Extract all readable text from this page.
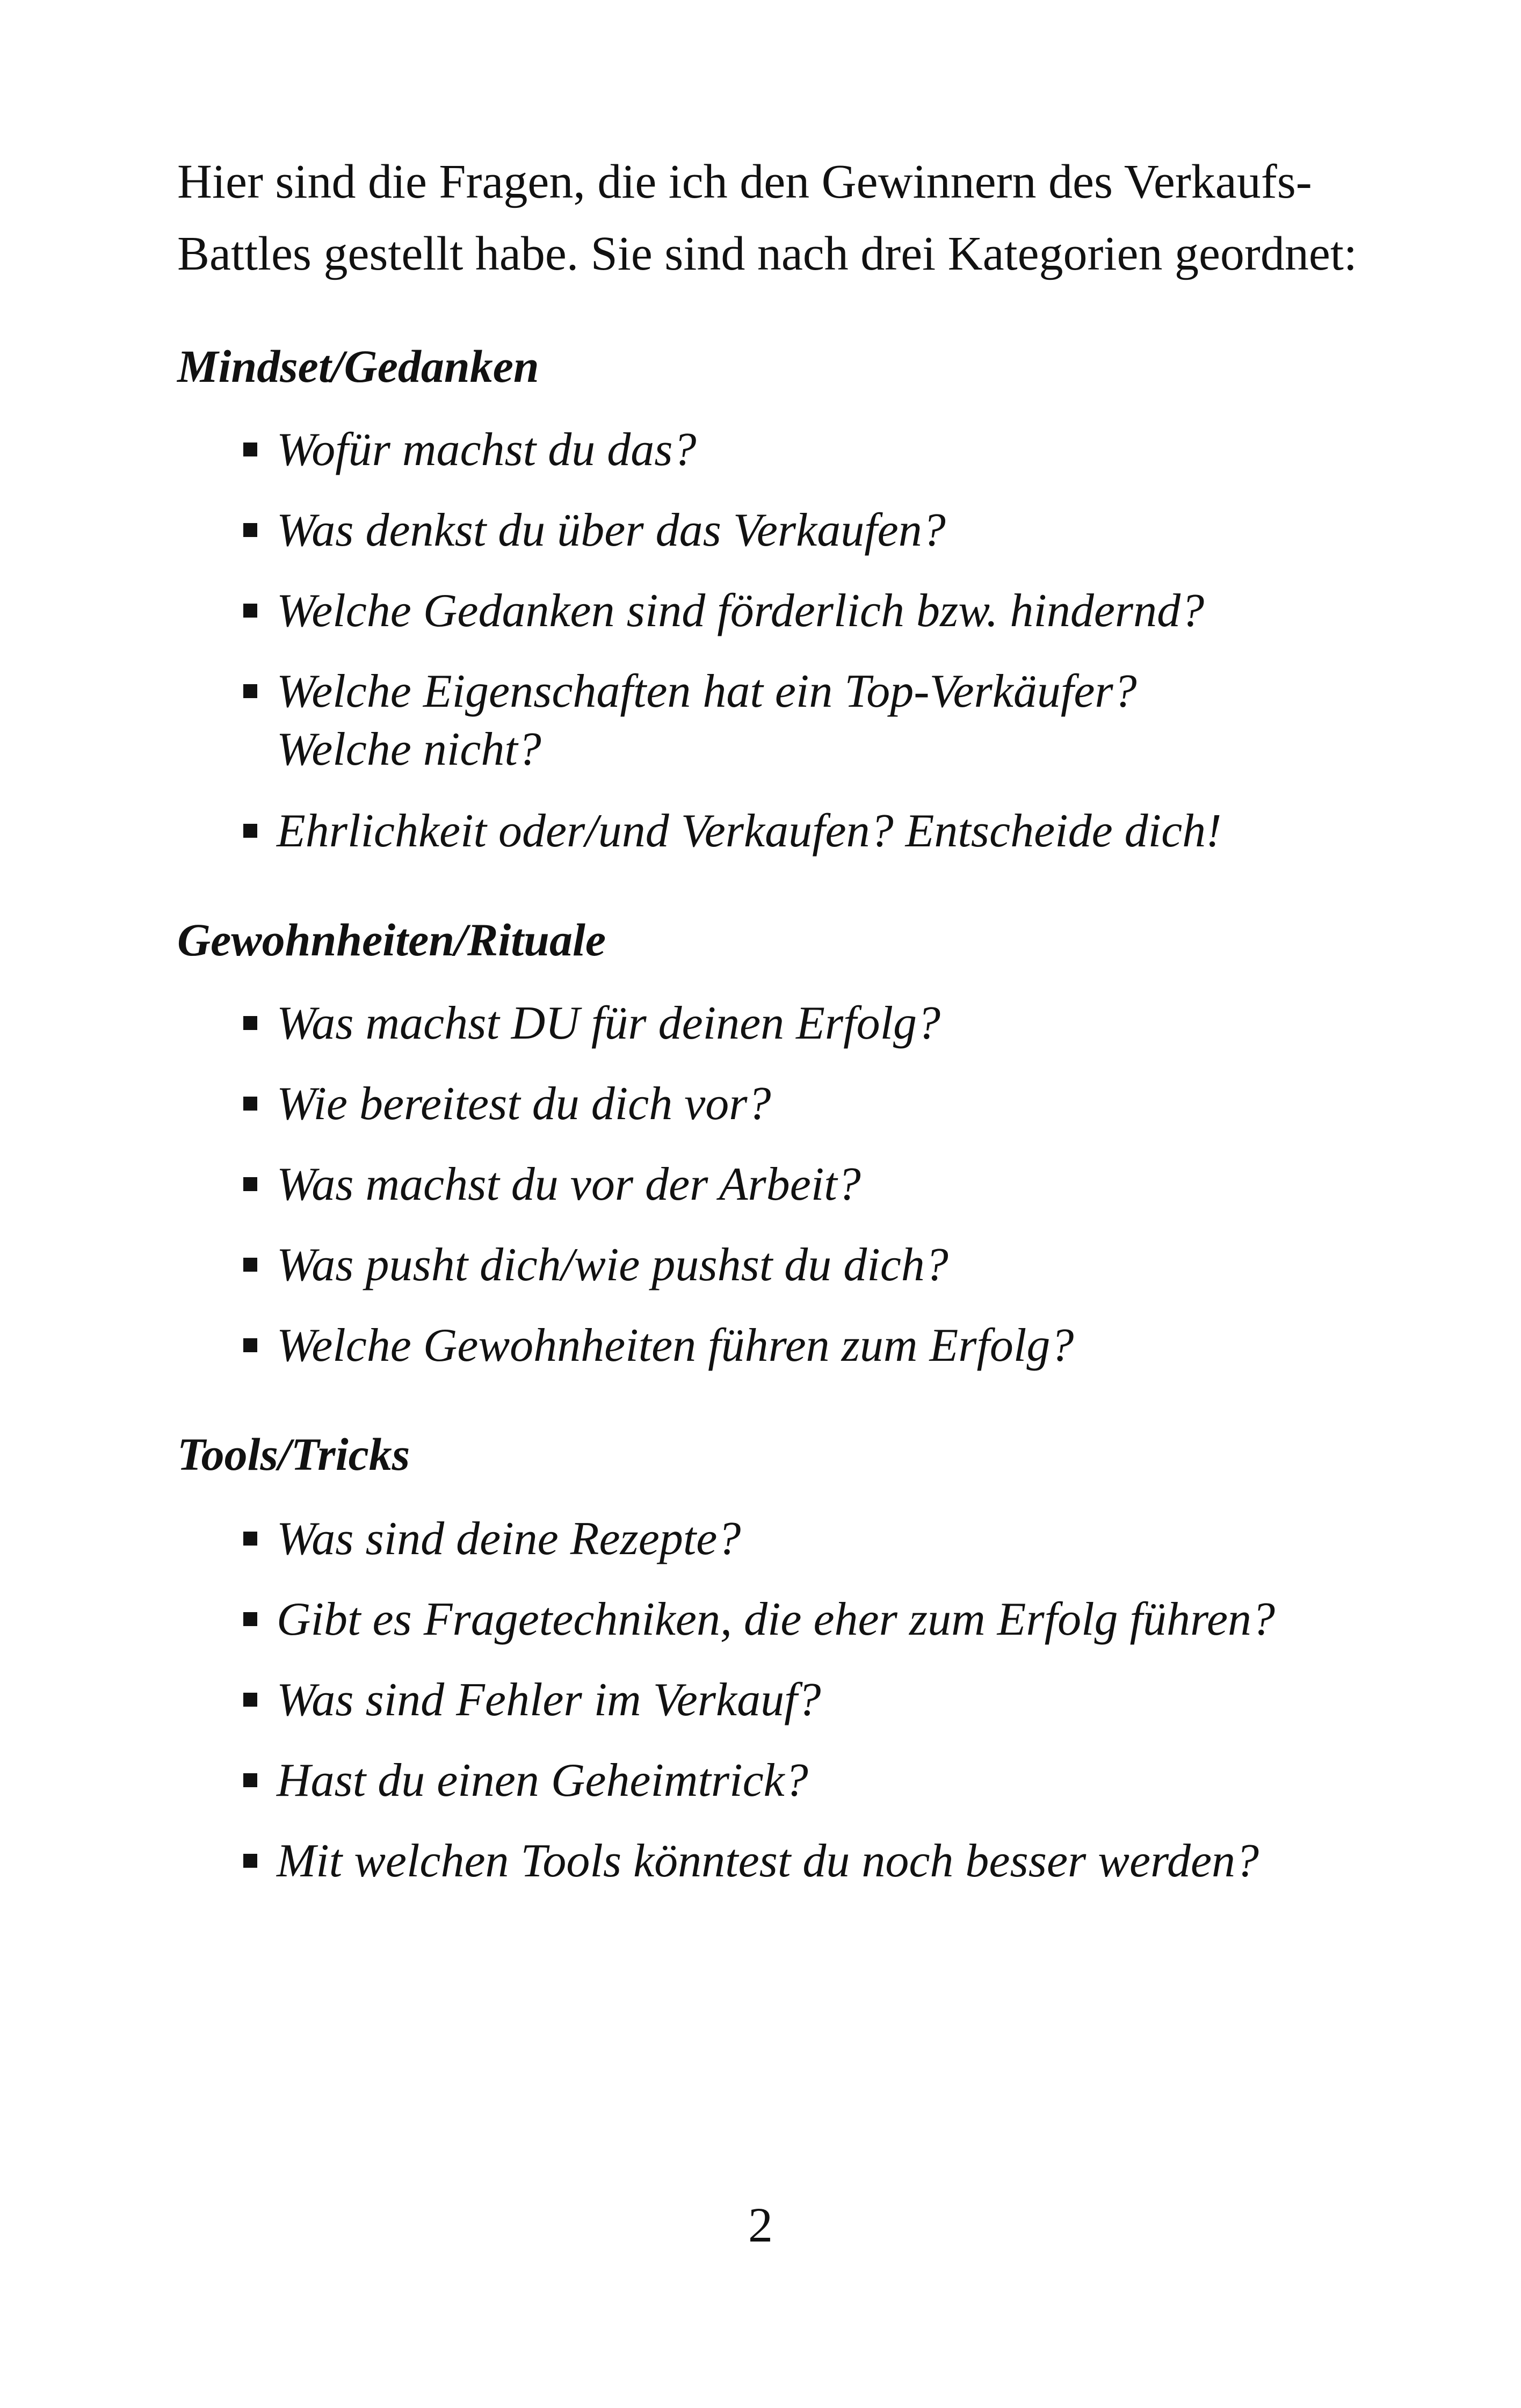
Hier sind die Fragen, die ich den Gewinnern des Verkaufs-
Battles gestellt habe. Sie sind nach drei Kategorien geordnet:

Mindset/Gedanken
Wofür machst du das?
Was denkst du über das Verkaufen?
Welche Gedanken sind förderlich bzw. hindernd?
Welche Eigenschaften hat ein Top-Verkäufer?
Welche nicht?
Ehrlichkeit oder/und Verkaufen? Entscheide dich!
Gewohnheiten/Rituale
Was machst DU für deinen Erfolg?
Wie bereitest du dich vor?
Was machst du vor der Arbeit?
Was pusht dich/wie pushst du dich?
Welche Gewohnheiten führen zum Erfolg?
Tools/Tricks
Was sind deine Rezepte?
Gibt es Fragetechniken, die eher zum Erfolg führen?
Was sind Fehler im Verkauf?
Hast du einen Geheimtrick?
Mit welchen Tools könntest du noch besser werden?
2
